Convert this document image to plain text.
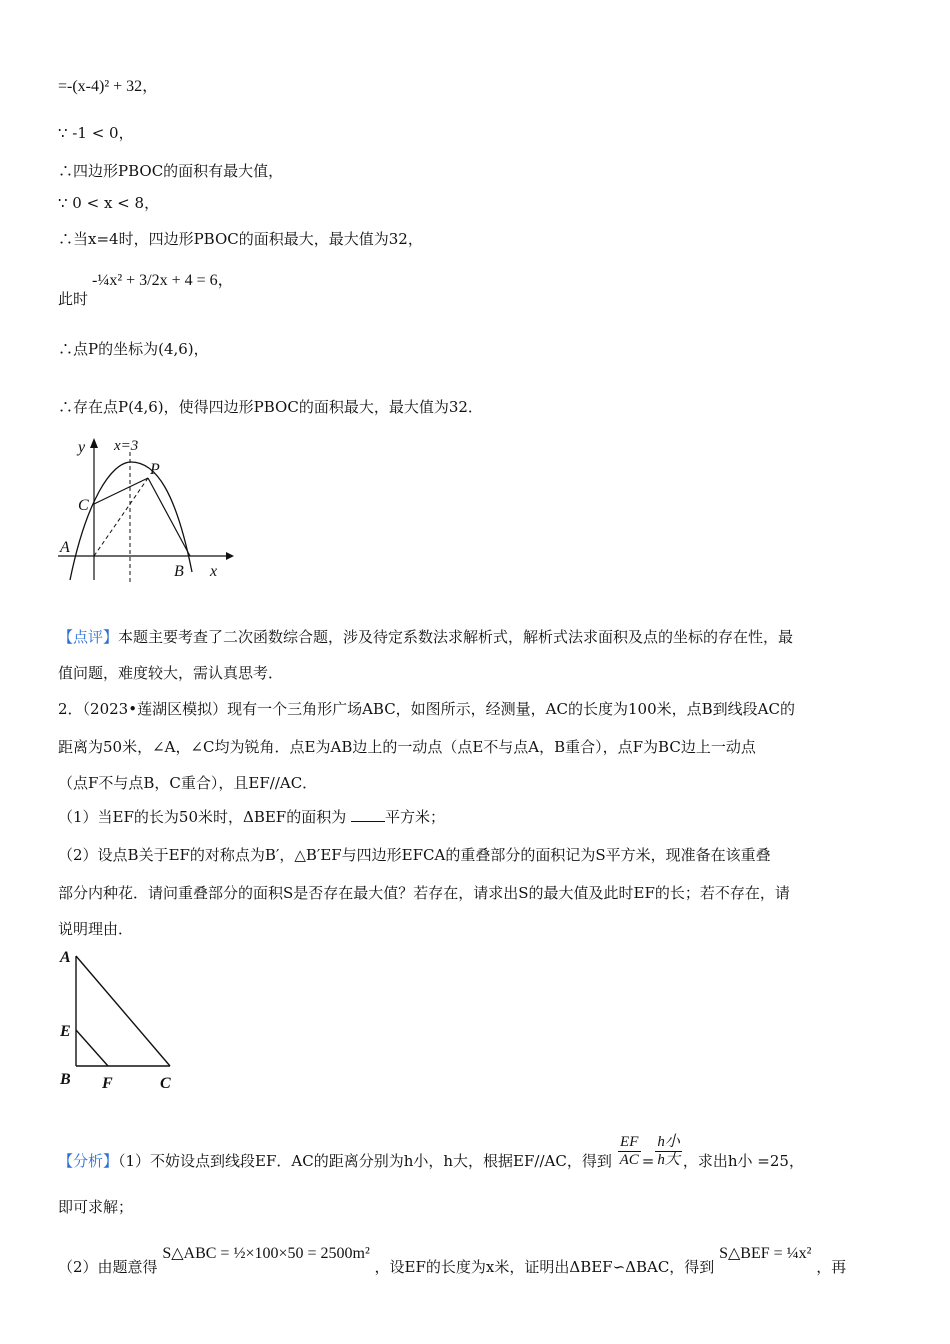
=-(x-4)² + 32，
∵ -1 < 0，
∴四边形PBOC的面积有最大值，
∵ 0 < x < 8，
∴当x=4时，四边形PBOC的面积最大，最大值为32，
此时
-¼x² + 3/2x + 4 = 6，
∴点P的坐标为(4,6)，
∴存在点P(4,6)，使得四边形PBOC的面积最大，最大值为32．
y x=3
P
C
A
B x
【点评】本题主要考查了二次函数综合题，涉及待定系数法求解析式，解析式法求面积及点的坐标的存在性，最
值问题，难度较大，需认真思考．
2．（2023•莲湖区模拟）现有一个三角形广场ABC，如图所示，经测量，AC的长度为100米，点B到线段AC的
距离为50米，∠A，∠C均为锐角．点E为AB边上的一动点（点E不与点A，B重合），点F为BC边上一动点
（点F不与点B，C重合），且EF//AC．
（1）当EF的长为50米时，ΔBEF的面积为	平方米；
（2）设点B关于EF的对称点为B′，△B′EF与四边形EFCA的重叠部分的面积记为S平方米，现准备在该重叠
部分内种花．请问重叠部分的面积S是否存在最大值？若存在，请求出S的最大值及此时EF的长；若不存在，请
说明理由．
A
E
B F	C
【分析】（1）不妨设点到线段EF．AC的距离分别为h小，h大，根据EF//AC，得到 $\frac{EF}{AC} = \frac{\text{h小}}{\text{h大}}$ ，求出h小 =25，
即可求解；
（2）由题意得 S△ABC = ½×100×50 = 2500m² ，设EF的长度为x米，证明出ΔBEF∽ΔBAC，得到 S△BEF = ¼x² ，再
